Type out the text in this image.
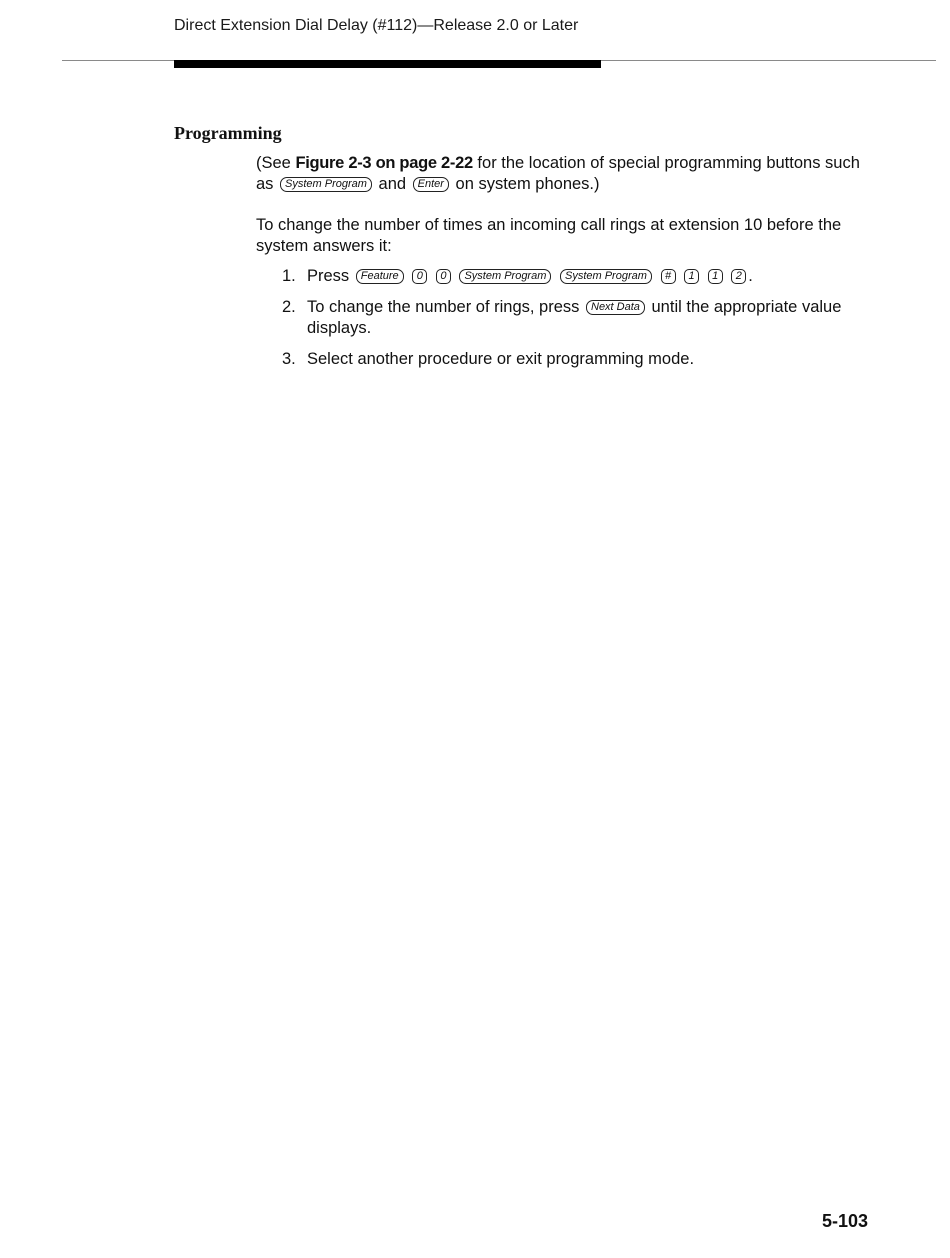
Direct Extension Dial Delay (#112)—Release 2.0 or Later
Programming
(See Figure 2-3 on page 2-22 for the location of special programming buttons such as System Program and Enter on system phones.)
To change the number of times an incoming call rings at extension 10 before the system answers it:
1. Press Feature 0 0 System Program System Program # 1 1 2 .
2. To change the number of rings, press Next Data until the appropriate value displays.
3. Select another procedure or exit programming mode.
5-103
